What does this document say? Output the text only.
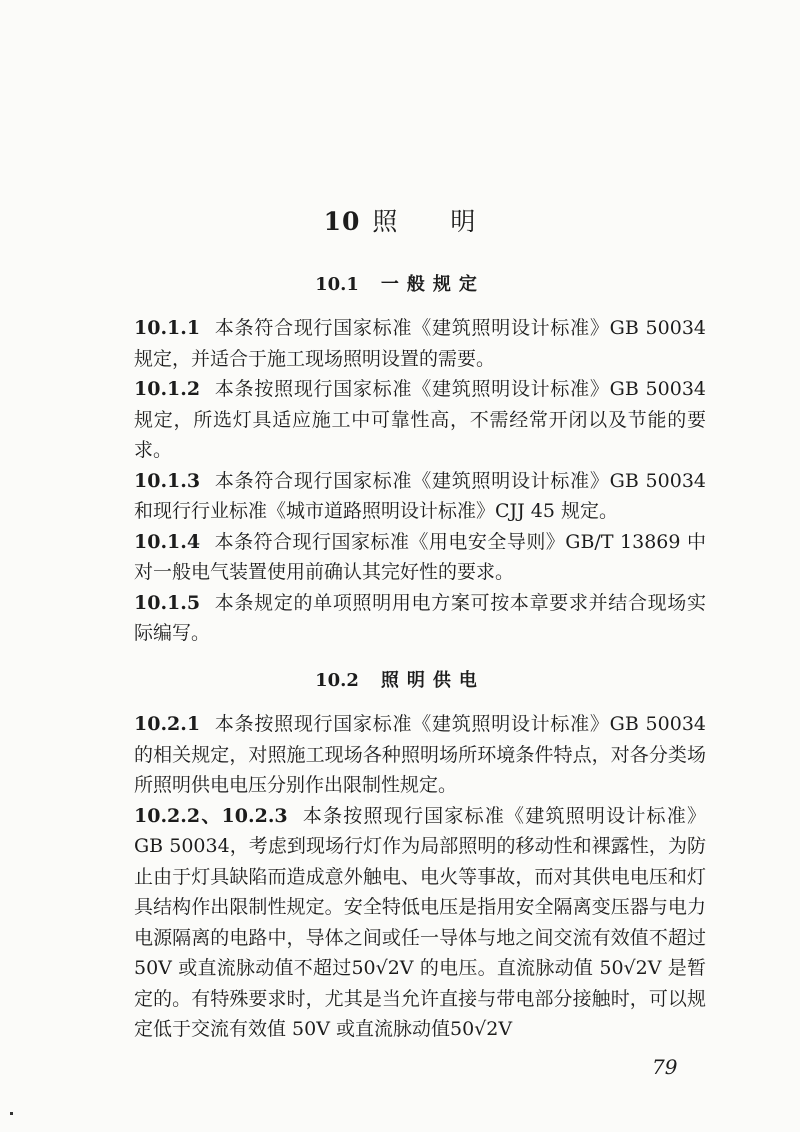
10 照 明
10.1 一般规定

10.1.1 本条符合现行国家标准《建筑照明设计标准》GB 50034规定，并适合于施工现场照明设置的需要。

10.1.2 本条按照现行国家标准《建筑照明设计标准》GB 50034规定，所选灯具适应施工中可靠性高，不需经常开闭以及节能的要求。

10.1.3 本条符合现行国家标准《建筑照明设计标准》GB 50034和现行行业标准《城市道路照明设计标准》CJJ 45 规定。

10.1.4 本条符合现行国家标准《用电安全导则》GB/T 13869 中对一般电气装置使用前确认其完好性的要求。

10.1.5 本条规定的单项照明用电方案可按本章要求并结合现场实际编写。

10.2 照明供电

10.2.1 本条按照现行国家标准《建筑照明设计标准》GB 50034的相关规定，对照施工现场各种照明场所环境条件特点，对各分类场所照明供电电压分别作出限制性规定。

10.2.2、10.2.3 本条按照现行国家标准《建筑照明设计标准》GB 50034，考虑到现场行灯作为局部照明的移动性和裸露性，为防止由于灯具缺陷而造成意外触电、电火等事故，而对其供电电压和灯具结构作出限制性规定。安全特低电压是指用安全隔离变压器与电力电源隔离的电路中，导体之间或任一导体与地之间交流有效值不超过 50V 或直流脉动值不超过50√2V 的电压。直流脉动值 50√2V 是暂定的。有特殊要求时，尤其是当允许直接与带电部分接触时，可以规定低于交流有效值 50V 或直流脉动值50√2V

79
